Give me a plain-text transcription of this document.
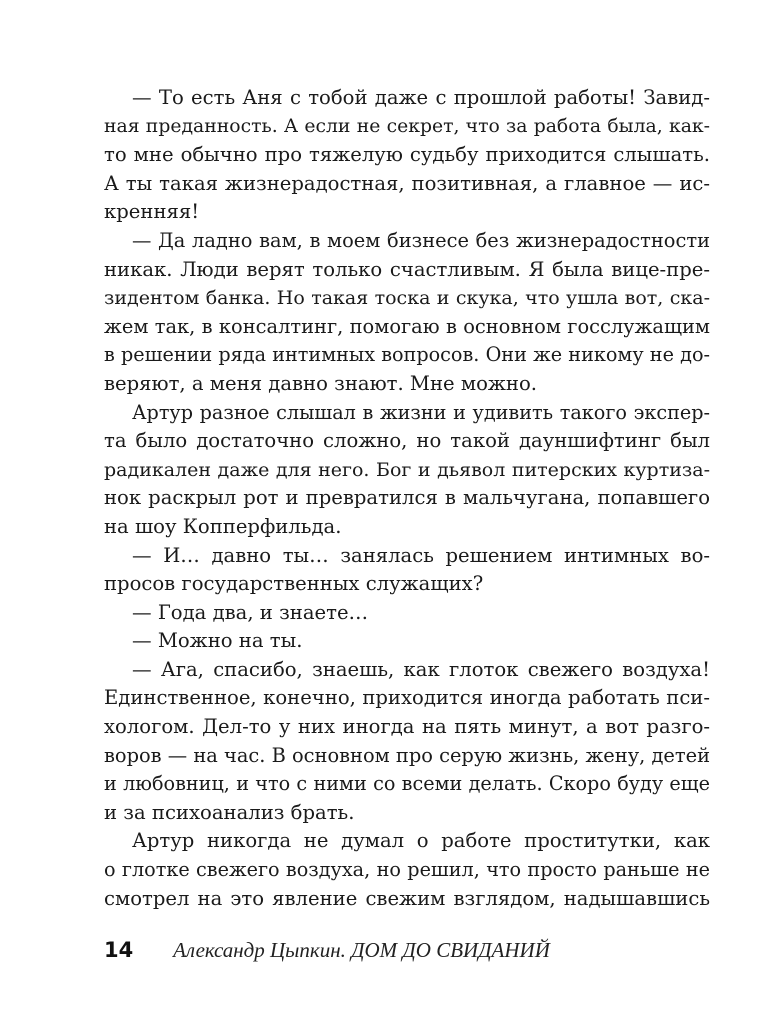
— То есть Аня с тобой даже с прошлой работы! Завид-
ная преданность. А если не секрет, что за работа была, как-
то мне обычно про тяжелую судьбу приходится слышать.
А ты такая жизнерадостная, позитивная, а главное — ис-
кренняя!
— Да ладно вам, в моем бизнесе без жизнерадостности
никак. Люди верят только счастливым. Я была вице-пре-
зидентом банка. Но такая тоска и скука, что ушла вот, ска-
жем так, в консалтинг, помогаю в основном госслужащим
в решении ряда интимных вопросов. Они же никому не до-
веряют, а меня давно знают. Мне можно.
Артур разное слышал в жизни и удивить такого экспер-
та было достаточно сложно, но такой дауншифтинг был
радикален даже для него. Бог и дьявол питерских куртиза-
нок раскрыл рот и превратился в мальчугана, попавшего
на шоу Копперфильда.
— И… давно ты… занялась решением интимных во-
просов государственных служащих?
— Года два, и знаете…
— Можно на ты.
— Ага, спасибо, знаешь, как глоток свежего воздуха!
Единственное, конечно, приходится иногда работать пси-
хологом. Дел-то у них иногда на пять минут, а вот разго-
воров — на час. В основном про серую жизнь, жену, детей
и любовниц, и что с ними со всеми делать. Скоро буду еще
и за психоанализ брать.
Артур никогда не думал о работе проститутки, как
о глотке свежего воздуха, но решил, что просто раньше не
смотрел на это явление свежим взглядом, надышавшись
14 Александр Цыпкин. ДОМ ДО СВИДАНИЙ
